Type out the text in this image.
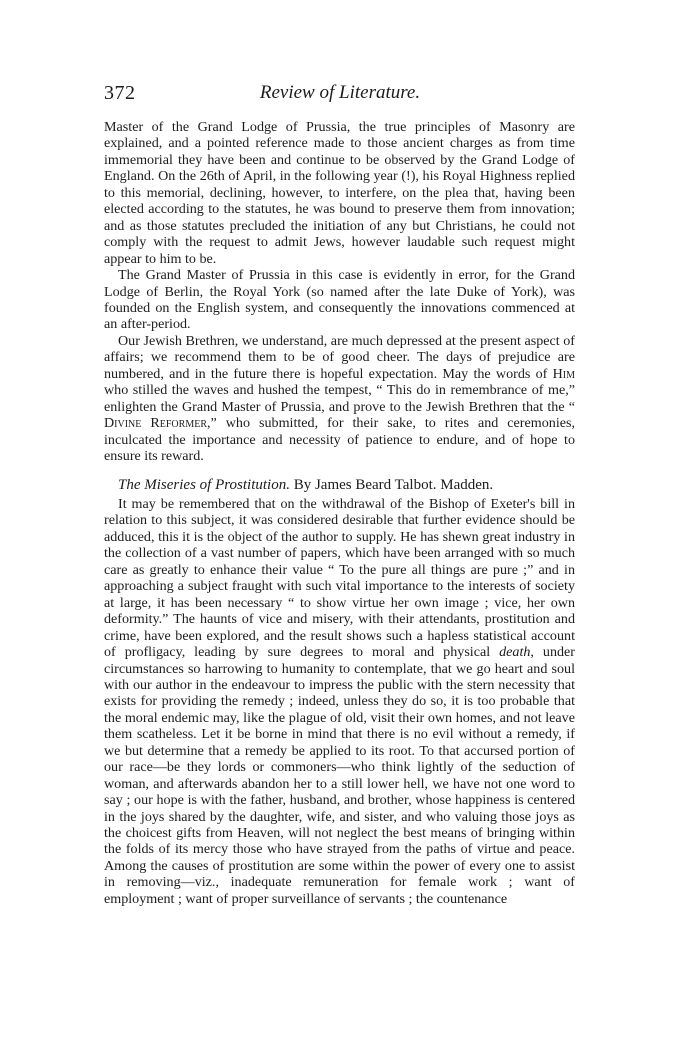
372	Review of Literature.

Master of the Grand Lodge of Prussia, the true principles of Masonry are explained, and a pointed reference made to those ancient charges as from time immemorial they have been and continue to be observed by the Grand Lodge of England. On the 26th of April, in the following year (!), his Royal Highness replied to this memorial, declining, however, to interfere, on the plea that, having been elected according to the statutes, he was bound to preserve them from innovation; and as those statutes precluded the initiation of any but Christians, he could not comply with the request to admit Jews, however laudable such request might appear to him to be.

The Grand Master of Prussia in this case is evidently in error, for the Grand Lodge of Berlin, the Royal York (so named after the late Duke of York), was founded on the English system, and consequently the innovations commenced at an after-period.

Our Jewish Brethren, we understand, are much depressed at the present aspect of affairs; we recommend them to be of good cheer. The days of prejudice are numbered, and in the future there is hopeful expectation. May the words of Him who stilled the waves and hushed the tempest, “ This do in remembrance of me,” enlighten the Grand Master of Prussia, and prove to the Jewish Brethren that the “ Divine Reformer,” who submitted, for their sake, to rites and ceremonies, inculcated the importance and necessity of patience to endure, and of hope to ensure its reward.

The Miseries of Prostitution. By James Beard Talbot. Madden.

It may be remembered that on the withdrawal of the Bishop of Exeter's bill in relation to this subject, it was considered desirable that further evidence should be adduced, this it is the object of the author to supply. He has shewn great industry in the collection of a vast number of papers, which have been arranged with so much care as greatly to enhance their value “ To the pure all things are pure ;” and in approaching a subject fraught with such vital importance to the interests of society at large, it has been necessary “ to show virtue her own image ; vice, her own deformity.” The haunts of vice and misery, with their attendants, prostitution and crime, have been explored, and the result shows such a hapless statistical account of profligacy, leading by sure degrees to moral and physical death, under circumstances so harrowing to humanity to contemplate, that we go heart and soul with our author in the endeavour to impress the public with the stern necessity that exists for providing the remedy ; indeed, unless they do so, it is too probable that the moral endemic may, like the plague of old, visit their own homes, and not leave them scatheless. Let it be borne in mind that there is no evil without a remedy, if we but determine that a remedy be applied to its root. To that accursed portion of our race—be they lords or commoners—who think lightly of the seduction of woman, and afterwards abandon her to a still lower hell, we have not one word to say ; our hope is with the father, husband, and brother, whose happiness is centered in the joys shared by the daughter, wife, and sister, and who valuing those joys as the choicest gifts from Heaven, will not neglect the best means of bringing within the folds of its mercy those who have strayed from the paths of virtue and peace. Among the causes of prostitution are some within the power of every one to assist in removing—viz., inadequate remuneration for female work ; want of employment ; want of proper surveillance of servants ; the countenance
